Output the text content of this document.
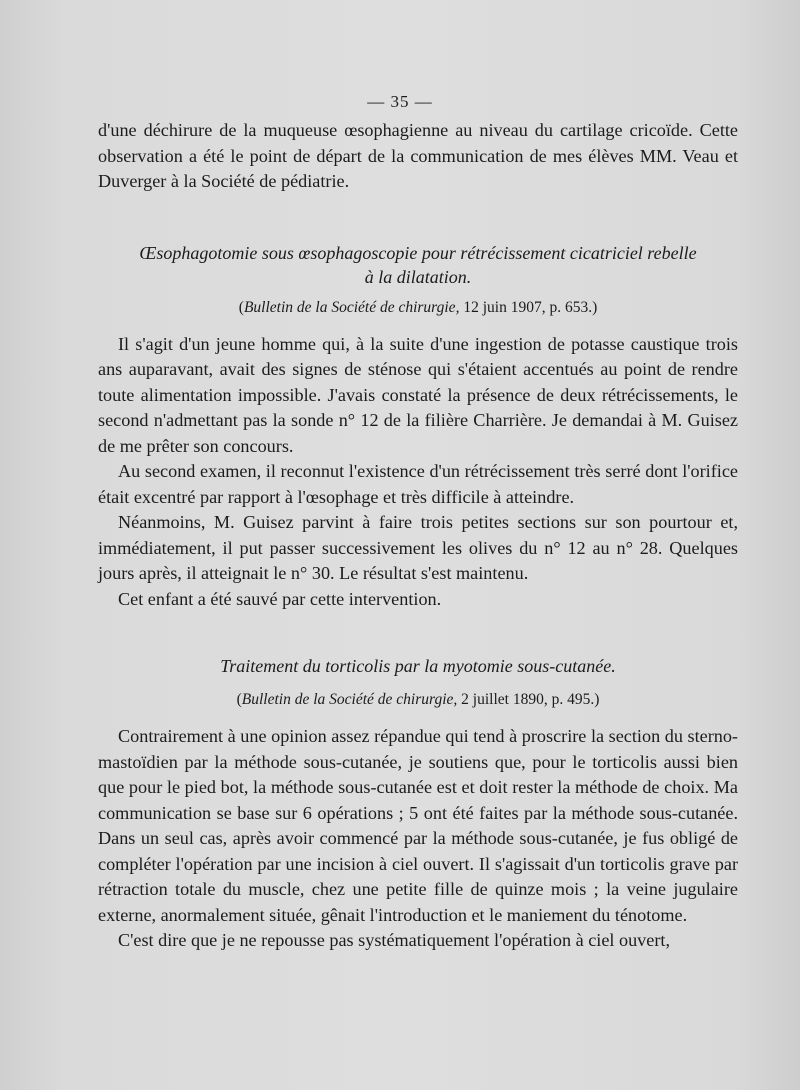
— 35 —

d'une déchirure de la muqueuse œsophagienne au niveau du cartilage cricoïde. Cette observation a été le point de départ de la communication de mes élèves MM. Veau et Duverger à la Société de pédiatrie.

Œsophagotomie sous œsophagoscopie pour rétrécissement cicatriciel rebelle
à la dilatation.

(Bulletin de la Société de chirurgie, 12 juin 1907, p. 653.)

Il s'agit d'un jeune homme qui, à la suite d'une ingestion de potasse caustique trois ans auparavant, avait des signes de sténose qui s'étaient accentués au point de rendre toute alimentation impossible. J'avais constaté la présence de deux rétrécissements, le second n'admettant pas la sonde n° 12 de la filière Charrière. Je demandai à M. Guisez de me prêter son concours.

Au second examen, il reconnut l'existence d'un rétrécissement très serré dont l'orifice était excentré par rapport à l'œsophage et très difficile à atteindre.

Néanmoins, M. Guisez parvint à faire trois petites sections sur son pourtour et, immédiatement, il put passer successivement les olives du n° 12 au n° 28. Quelques jours après, il atteignait le n° 30. Le résultat s'est maintenu.

Cet enfant a été sauvé par cette intervention.

Traitement du torticolis par la myotomie sous-cutanée.

(Bulletin de la Société de chirurgie, 2 juillet 1890, p. 495.)

Contrairement à une opinion assez répandue qui tend à proscrire la section du sterno-mastoïdien par la méthode sous-cutanée, je soutiens que, pour le torticolis aussi bien que pour le pied bot, la méthode sous-cutanée est et doit rester la méthode de choix. Ma communication se base sur 6 opérations ; 5 ont été faites par la méthode sous-cutanée. Dans un seul cas, après avoir commencé par la méthode sous-cutanée, je fus obligé de compléter l'opération par une incision à ciel ouvert. Il s'agissait d'un torticolis grave par rétraction totale du muscle, chez une petite fille de quinze mois ; la veine jugulaire externe, anormalement située, gênait l'introduction et le maniement du ténotome.

C'est dire que je ne repousse pas systématiquement l'opération à ciel ouvert,
